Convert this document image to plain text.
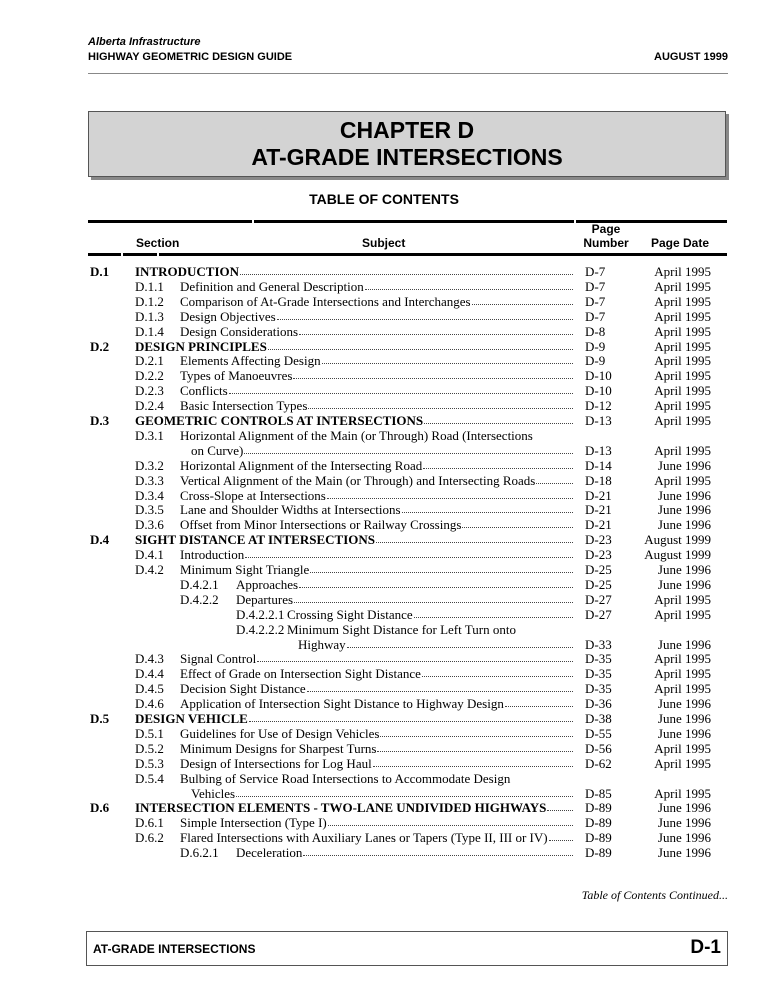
Alberta Infrastructure
HIGHWAY GEOMETRIC DESIGN GUIDE	AUGUST 1999
CHAPTER D
AT-GRADE INTERSECTIONS
TABLE OF CONTENTS
Section	Subject
Page
Number Page Date
D.1 INTRODUCTION	D-7	April 1995
D.1.1 Definition and General Description	D-7	April 1995
D.1.2 Comparison of At-Grade Intersections and Interchanges	D-7	April 1995
D.1.3 Design Objectives	D-7	April 1995
D.1.4 Design Considerations	D-8	April 1995
D.2 DESIGN PRINCIPLES	D-9	April 1995
D.2.1 Elements Affecting Design	D-9	April 1995
D.2.2 Types of Manoeuvres	D-10	April 1995
D.2.3 Conflicts	D-10	April 1995
D.2.4 Basic Intersection Types	D-12	April 1995
D.3 GEOMETRIC CONTROLS AT INTERSECTIONS	D-13	April 1995
D.3.1 Horizontal Alignment of the Main (or Through) Road (Intersections
on Curve)	D-13	April 1995
D.3.2 Horizontal Alignment of the Intersecting Road	D-14	June 1996
D.3.3 Vertical Alignment of the Main (or Through) and Intersecting Roads	D-18	April 1995
D.3.4 Cross-Slope at Intersections	D-21	June 1996
D.3.5 Lane and Shoulder Widths at Intersections	D-21	June 1996
D.3.6 Offset from Minor Intersections or Railway Crossings	D-21	June 1996
D.4 SIGHT DISTANCE AT INTERSECTIONS	D-23 August 1999
D.4.1 Introduction	D-23 August 1999
D.4.2 Minimum Sight Triangle	D-25	June 1996
D.4.2.1 Approaches	D-25	June 1996
D.4.2.2 Departures	D-27	April 1995
D.4.2.2.1 Crossing Sight Distance	D-27	April 1995
D.4.2.2.2 Minimum Sight Distance for Left Turn onto
Highway	D-33	June 1996
D.4.3 Signal Control	D-35	April 1995
D.4.4 Effect of Grade on Intersection Sight Distance	D-35	April 1995
D.4.5 Decision Sight Distance	D-35	April 1995
D.4.6 Application of Intersection Sight Distance to Highway Design	D-36	June 1996
D.5 DESIGN VEHICLE	D-38	June 1996
D.5.1 Guidelines for Use of Design Vehicles	D-55	June 1996
D.5.2 Minimum Designs for Sharpest Turns	D-56	April 1995
D.5.3 Design of Intersections for Log Haul	D-62	April 1995
D.5.4 Bulbing of Service Road Intersections to Accommodate Design
Vehicles	D-85	April 1995
D.6 INTERSECTION ELEMENTS - TWO-LANE UNDIVIDED HIGHWAYS	D-89	June 1996
D.6.1 Simple Intersection (Type I)	D-89	June 1996
D.6.2 Flared Intersections with Auxiliary Lanes or Tapers (Type II, III or IV)	D-89	June 1996
D.6.2.1 Deceleration	D-89	June 1996
Table of Contents Continued...
AT-GRADE INTERSECTIONS	D-1
